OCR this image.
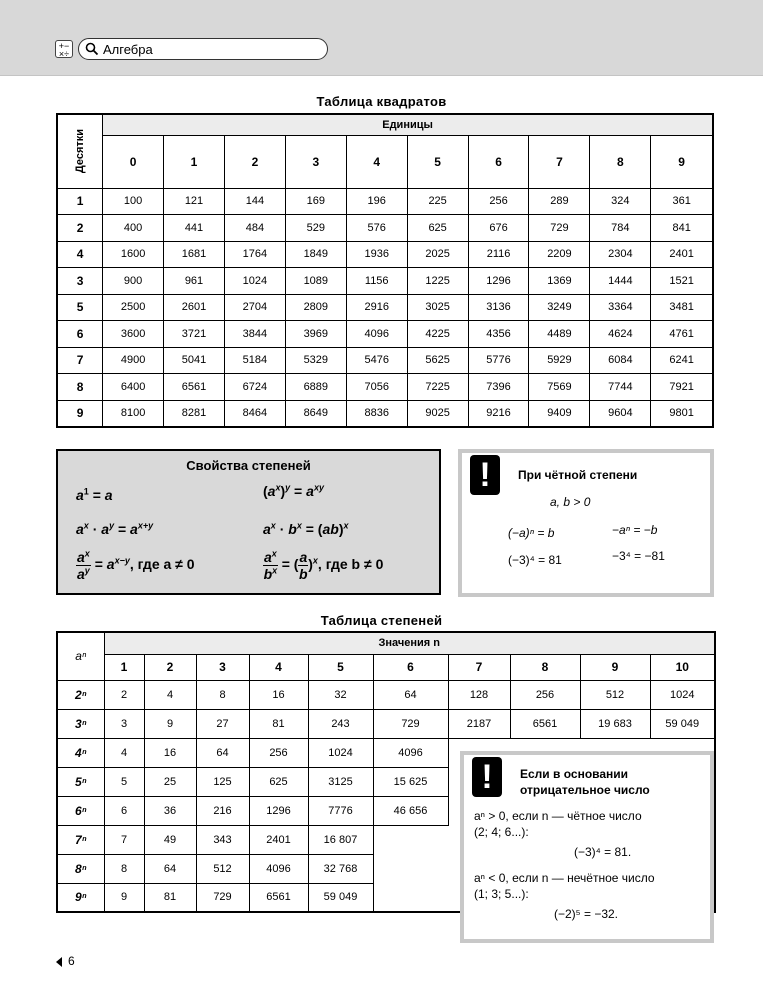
+−
×÷	Алгебра
Таблица квадратов
Десятки	Единицы									
	0	1	2	3	4	5	6	7	8	9
1	100	121	144	169	196	225	256	289	324	361
2	400	441	484	529	576	625	676	729	784	841
4	1600	1681	1764	1849	1936	2025	2116	2209	2304	2401
3	900	961	1024	1089	1156	1225	1296	1369	1444	1521
5	2500	2601	2704	2809	2916	3025	3136	3249	3364	3481
6	3600	3721	3844	3969	4096	4225	4356	4489	4624	4761
7	4900	5041	5184	5329	5476	5625	5776	5929	6084	6241
8	6400	6561	6724	6889	7056	7225	7396	7569	7744	7921
9	8100	8281	8464	8649	8836	9025	9216	9409	9604	9801
Свойства степеней
$a^1 = a$	$(a^x)^y = a^{xy}$
$a^x \cdot a^y = a^{x+y}$	$a^x \cdot b^x = (ab)^x$
$\frac{a^x}{a^y} = a^{x-y}$, где a ≠ 0	$\frac{a^x}{b^x}$ = ( $\frac{a}{b} )^x$, где b ≠ 0
!	При чётной степени
a, b > 0
(−a)ⁿ = b	−aⁿ = −b
(−3)⁴ = 81	−3⁴ = −81
Таблица степеней
aⁿ	Значения n									
	1	2	3	4	5	6	7	8	9	10
2ⁿ	2	4	8	16	32	64	128	256	512	1024
3ⁿ	3	9	27	81	243	729	2187	6561	19 683	59 049
4ⁿ	4	16	64	256	1024	4096				
5ⁿ	5	25	125	625	3125	15 625				
6ⁿ	6	36	216	1296	7776	46 656				
7ⁿ	7	49	343	2401	16 807					
8ⁿ	8	64	512	4096	32 768					
9ⁿ	9	81	729	6561	59 049					
!	Если в основании
отрицательное число
aⁿ > 0, если n — чётное число
(2; 4; 6...):
(−3)⁴ = 81.
aⁿ < 0, если n — нечётное число
(1; 3; 5...):
(−2)⁵ = −32.
6
